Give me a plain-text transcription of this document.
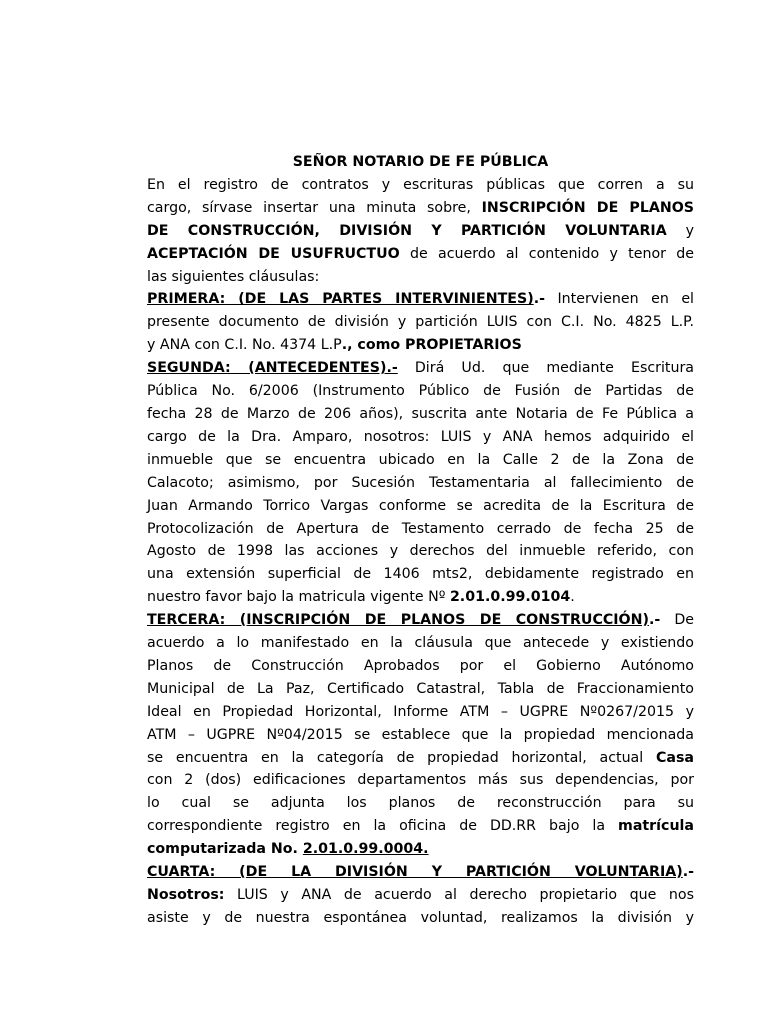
SEÑOR NOTARIO DE FE PÚBLICA

En el registro de contratos y escrituras públicas que corren a su
cargo, sírvase insertar una minuta sobre, INSCRIPCIÓN DE PLANOS
DE CONSTRUCCIÓN, DIVISIÓN Y PARTICIÓN VOLUNTARIA y
ACEPTACIÓN DE USUFRUCTUO de acuerdo al contenido y tenor de
las siguientes cláusulas:

PRIMERA: (DE LAS PARTES INTERVINIENTES).- Intervienen en el
presente documento de división y partición LUIS con C.I. No. 4825 L.P.
y ANA con C.I. No. 4374 L.P., como PROPIETARIOS

SEGUNDA: (ANTECEDENTES).- Dirá Ud. que mediante Escritura
Pública No. 6/2006 (Instrumento Público de Fusión de Partidas de
fecha 28 de Marzo de 206 años), suscrita ante Notaria de Fe Pública a
cargo de la Dra. Amparo, nosotros: LUIS y ANA hemos adquirido el
inmueble que se encuentra ubicado en la Calle 2 de la Zona de
Calacoto; asimismo, por Sucesión Testamentaria al fallecimiento de
Juan Armando Torrico Vargas conforme se acredita de la Escritura de
Protocolización de Apertura de Testamento cerrado de fecha 25 de
Agosto de 1998 las acciones y derechos del inmueble referido, con
una extensión superficial de 1406 mts2, debidamente registrado en
nuestro favor bajo la matricula vigente Nº 2.01.0.99.0104.

TERCERA: (INSCRIPCIÓN DE PLANOS DE CONSTRUCCIÓN).- De
acuerdo a lo manifestado en la cláusula que antecede y existiendo
Planos de Construcción Aprobados por el Gobierno Autónomo
Municipal de La Paz, Certificado Catastral, Tabla de Fraccionamiento
Ideal en Propiedad Horizontal, Informe ATM – UGPRE Nº0267/2015 y
ATM – UGPRE Nº04/2015 se establece que la propiedad mencionada
se encuentra en la categoría de propiedad horizontal, actual Casa
con 2 (dos) edificaciones departamentos más sus dependencias, por
lo cual se adjunta los planos de reconstrucción para su
correspondiente registro en la oficina de DD.RR bajo la matrícula
computarizada No. 2.01.0.99.0004.

CUARTA: (DE LA DIVISIÓN Y PARTICIÓN VOLUNTARIA).-
Nosotros: LUIS y ANA de acuerdo al derecho propietario que nos
asiste y de nuestra espontánea voluntad, realizamos la división y
